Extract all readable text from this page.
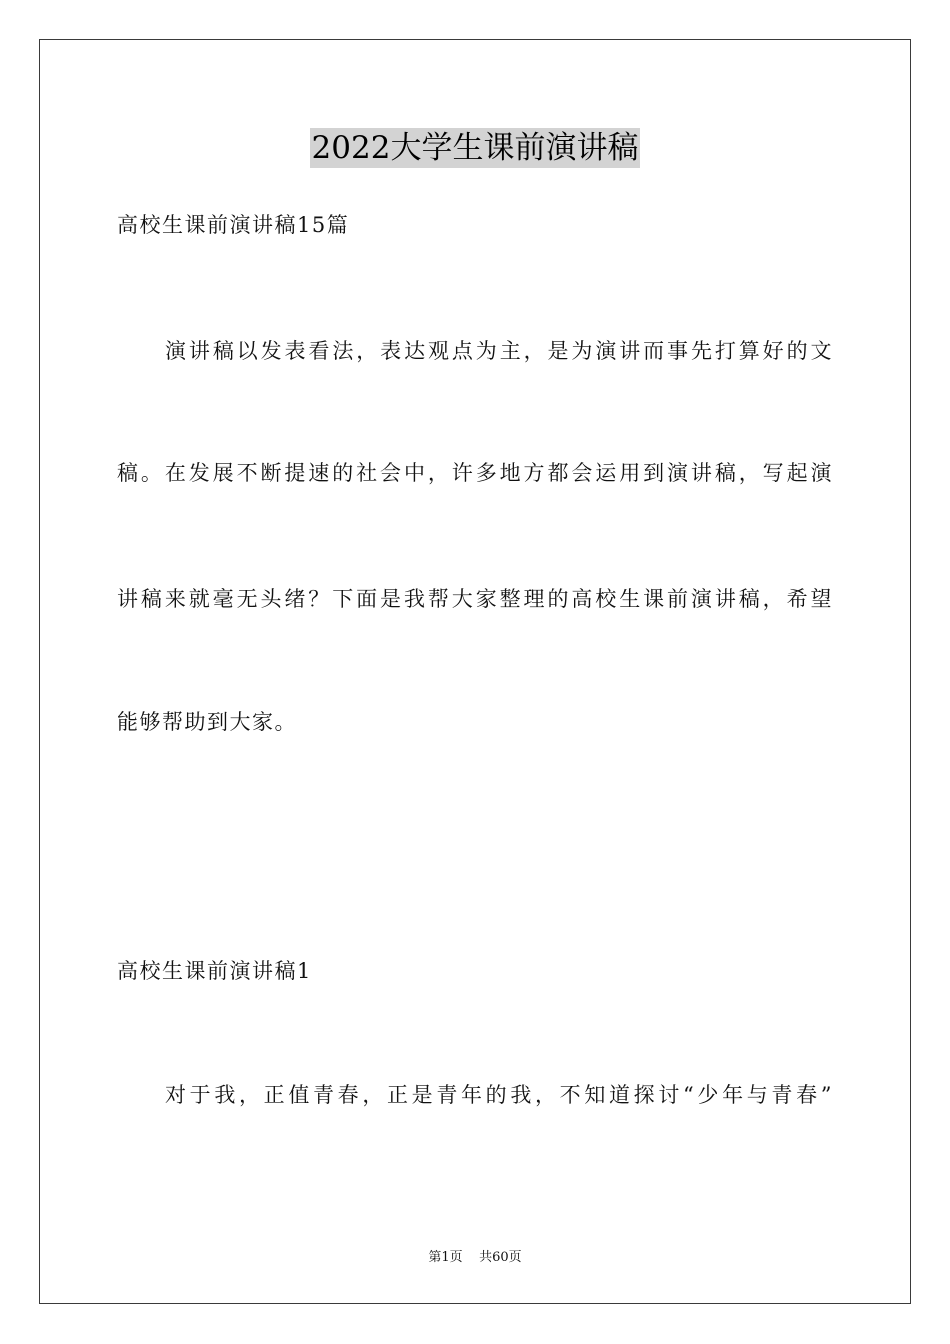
2022大学生课前演讲稿
高校生课前演讲稿15篇
演讲稿以发表看法，表达观点为主，是为演讲而事先打算好的文
稿。在发展不断提速的社会中，许多地方都会运用到演讲稿，写起演
讲稿来就毫无头绪？下面是我帮大家整理的高校生课前演讲稿，希望
能够帮助到大家。
高校生课前演讲稿1
对于我，正值青春，正是青年的我，不知道探讨“少年与青春”
第1页 共60页
